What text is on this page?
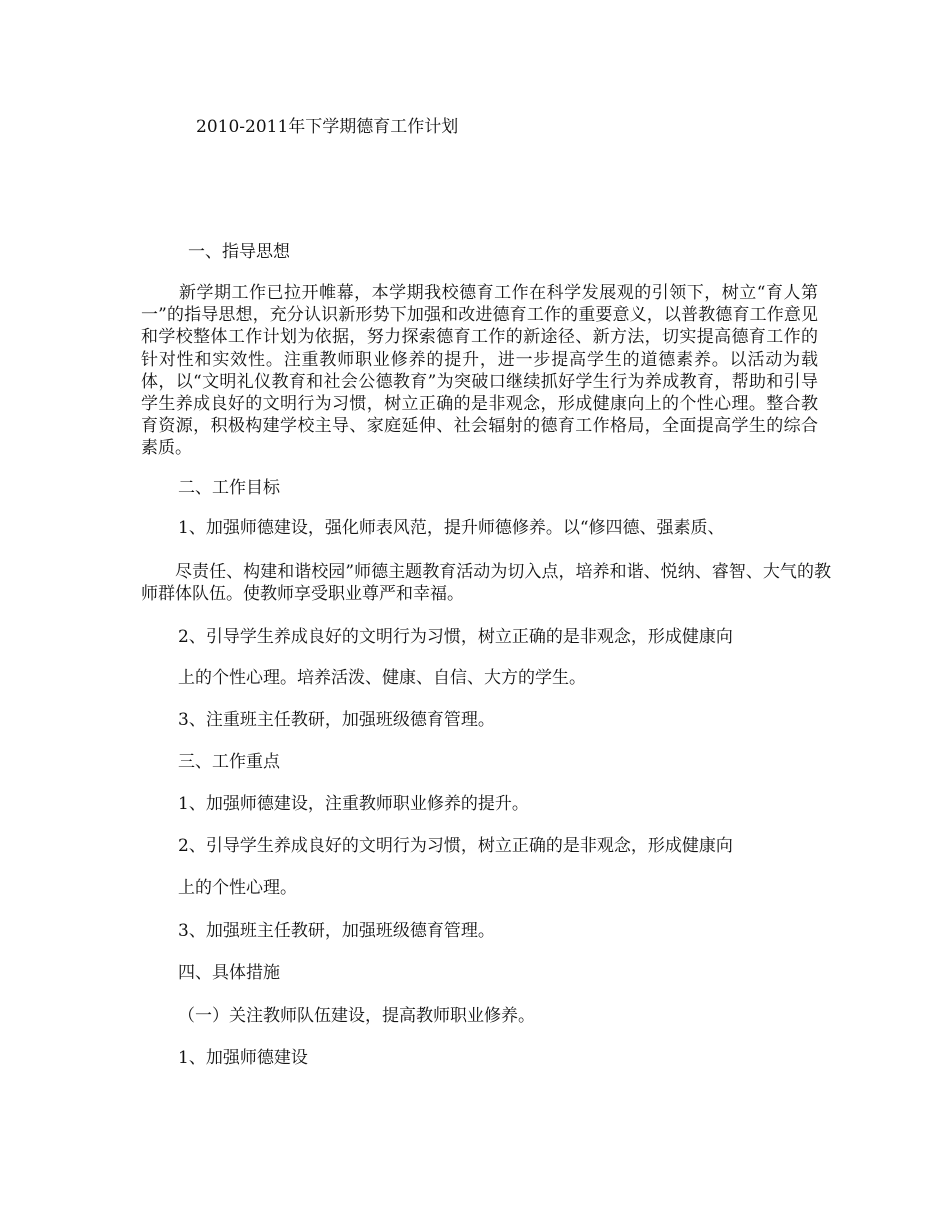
2010-2011年下学期德育工作计划
一、指导思想

新学期工作已拉开帷幕，本学期我校德育工作在科学发展观的引领下，树立“育人第一”的指导思想，充分认识新形势下加强和改进德育工作的重要意义，以普教德育工作意见和学校整体工作计划为依据，努力探索德育工作的新途径、新方法，切实提高德育工作的针对性和实效性。注重教师职业修养的提升，进一步提高学生的道德素养。以活动为载体，以“文明礼仪教育和社会公德教育”为突破口继续抓好学生行为养成教育，帮助和引导学生养成良好的文明行为习惯，树立正确的是非观念，形成健康向上的个性心理。整合教育资源，积极构建学校主导、家庭延伸、社会辐射的德育工作格局，全面提高学生的综合素质。

二、工作目标
1、加强师德建设，强化师表风范，提升师德修养。以“修四德、强素质、

尽责任、构建和谐校园”师德主题教育活动为切入点，培养和谐、悦纳、睿智、大气的教师群体队伍。使教师享受职业尊严和幸福。

2、引导学生养成良好的文明行为习惯，树立正确的是非观念，形成健康向
上的个性心理。培养活泼、健康、自信、大方的学生。
3、注重班主任教研，加强班级德育管理。
三、工作重点
1、加强师德建设，注重教师职业修养的提升。
2、引导学生养成良好的文明行为习惯，树立正确的是非观念，形成健康向
上的个性心理。
3、加强班主任教研，加强班级德育管理。
四、具体措施
（一）关注教师队伍建设，提高教师职业修养。
1、加强师德建设
